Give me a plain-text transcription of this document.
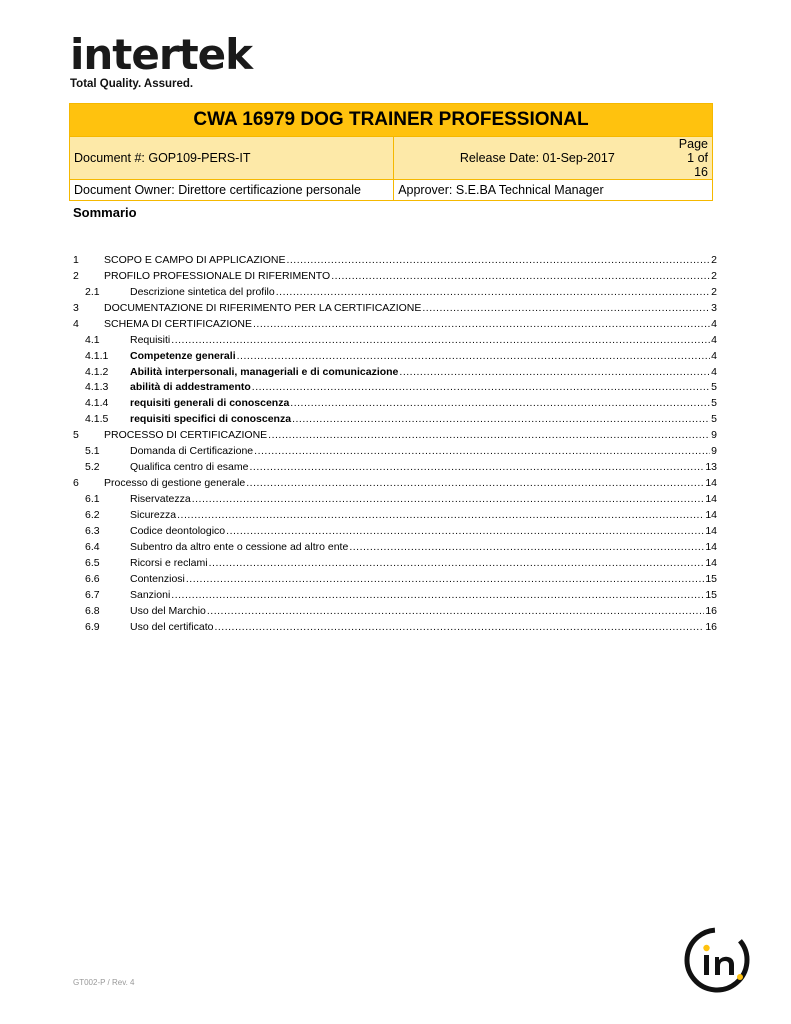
intertek
Total Quality. Assured.
CWA 16979 DOG TRAINER PROFESSIONAL		
Document #: GOP109-PERS-IT	Release Date: 01-Sep-2017	Page 1 of 16
Document Owner: Direttore certificazione personale	Approver: S.E.BA Technical Manager	
Sommario
1	SCOPO E CAMPO DI APPLICAZIONE .....	2
2	PROFILO PROFESSIONALE DI RIFERIMENTO .....	2
2.1	Descrizione sintetica del profilo .....	2
3	DOCUMENTAZIONE DI RIFERIMENTO PER LA CERTIFICAZIONE .....	3
4	SCHEMA DI CERTIFICAZIONE .....	4
4.1	Requisiti .....	4
4.1.1	Competenze generali .....	4
4.1.2	Abilità interpersonali, manageriali e di comunicazione .....	4
4.1.3	abilità di addestramento .....	5
4.1.4	requisiti generali di conoscenza .....	5
4.1.5	requisiti specifici di conoscenza .....	5
5	PROCESSO DI CERTIFICAZIONE .....	9
5.1	Domanda di Certificazione .....	9
5.2	Qualifica centro di esame .....	13
6	Processo di gestione generale .....	14
6.1	Riservatezza .....	14
6.2	Sicurezza .....	14
6.3	Codice deontologico .....	14
6.4	Subentro da altro ente o cessione ad altro ente .....	14
6.5	Ricorsi e reclami .....	14
6.6	Contenziosi .....	15
6.7	Sanzioni .....	15
6.8	Uso del Marchio .....	16
6.9	Uso del certificato .....	16
GT002-P / Rev. 4
